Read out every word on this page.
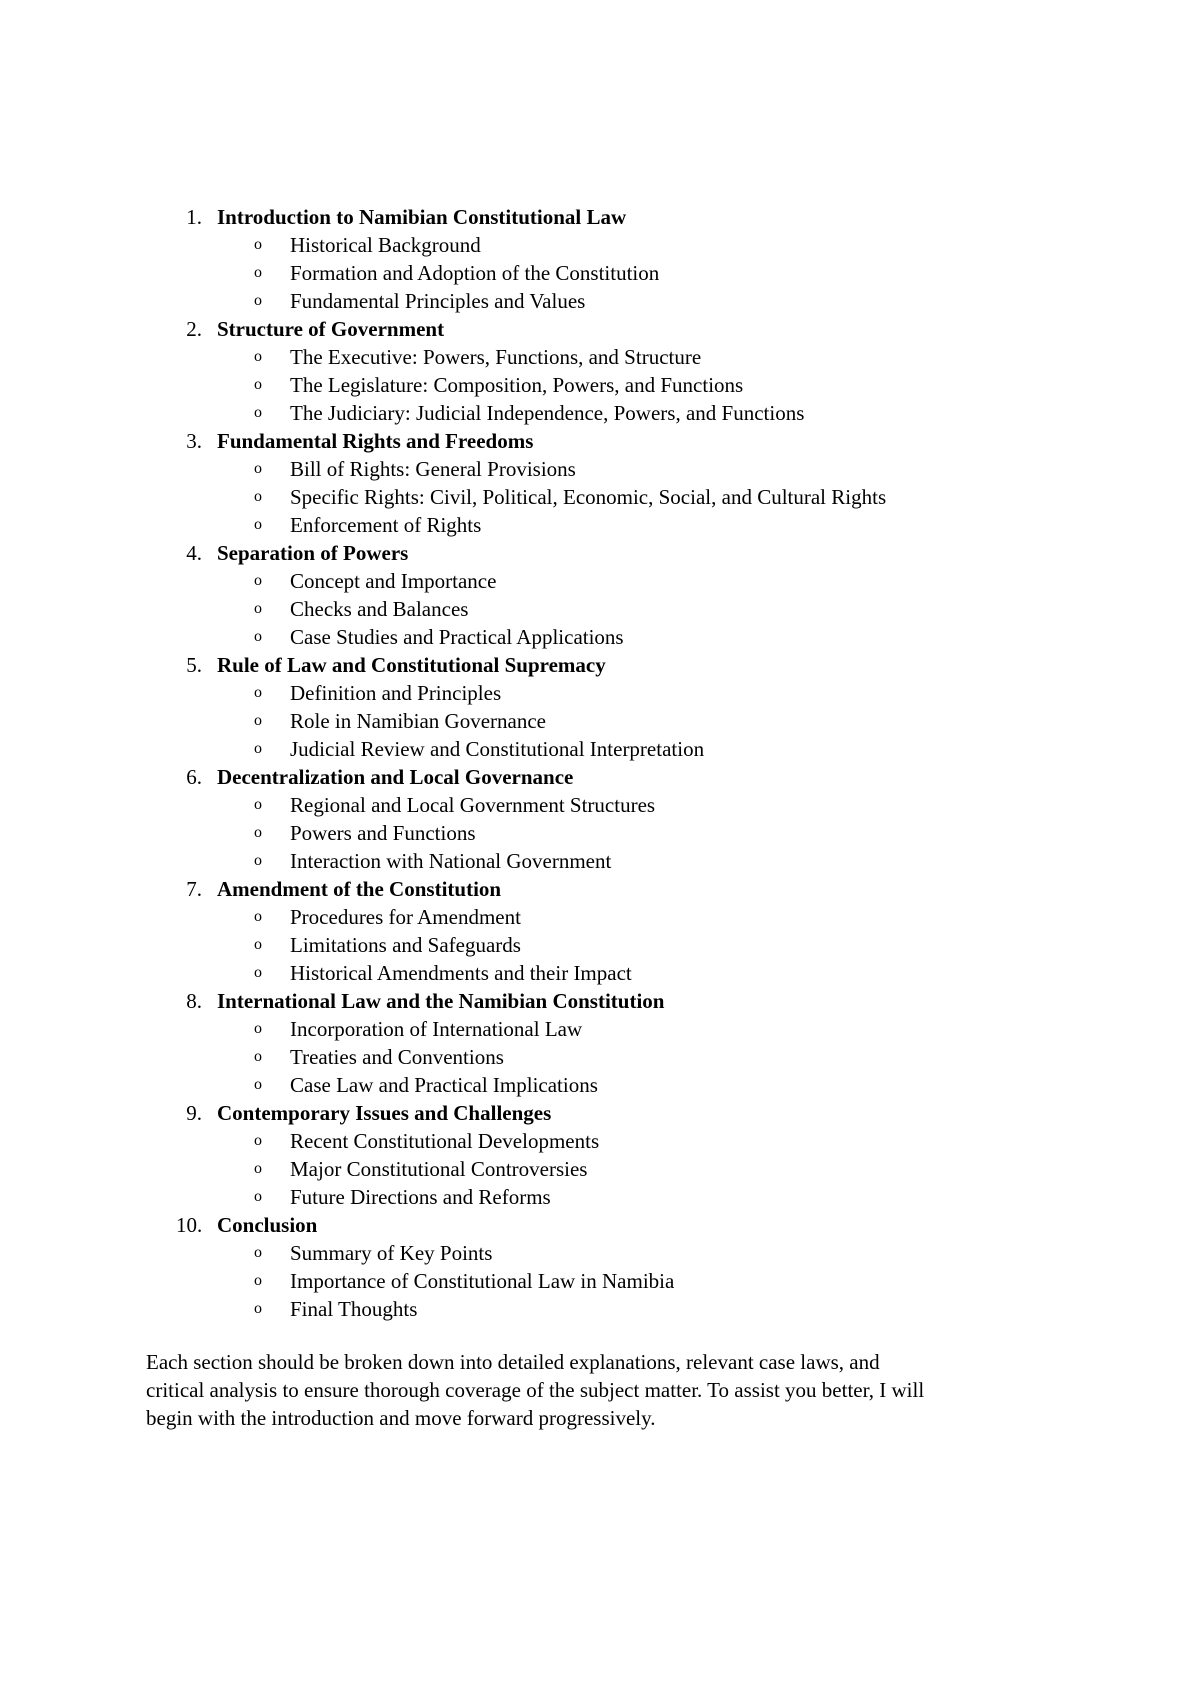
1. Introduction to Namibian Constitutional Law
o Historical Background
o Formation and Adoption of the Constitution
o Fundamental Principles and Values
2. Structure of Government
o The Executive: Powers, Functions, and Structure
o The Legislature: Composition, Powers, and Functions
o The Judiciary: Judicial Independence, Powers, and Functions
3. Fundamental Rights and Freedoms
o Bill of Rights: General Provisions
o Specific Rights: Civil, Political, Economic, Social, and Cultural Rights
o Enforcement of Rights
4. Separation of Powers
o Concept and Importance
o Checks and Balances
o Case Studies and Practical Applications
5. Rule of Law and Constitutional Supremacy
o Definition and Principles
o Role in Namibian Governance
o Judicial Review and Constitutional Interpretation
6. Decentralization and Local Governance
o Regional and Local Government Structures
o Powers and Functions
o Interaction with National Government
7. Amendment of the Constitution
o Procedures for Amendment
o Limitations and Safeguards
o Historical Amendments and their Impact
8. International Law and the Namibian Constitution
o Incorporation of International Law
o Treaties and Conventions
o Case Law and Practical Implications
9. Contemporary Issues and Challenges
o Recent Constitutional Developments
o Major Constitutional Controversies
o Future Directions and Reforms
10. Conclusion
o Summary of Key Points
o Importance of Constitutional Law in Namibia
o Final Thoughts

Each section should be broken down into detailed explanations, relevant case laws, and

critical analysis to ensure thorough coverage of the subject matter. To assist you better, I will

begin with the introduction and move forward progressively.
